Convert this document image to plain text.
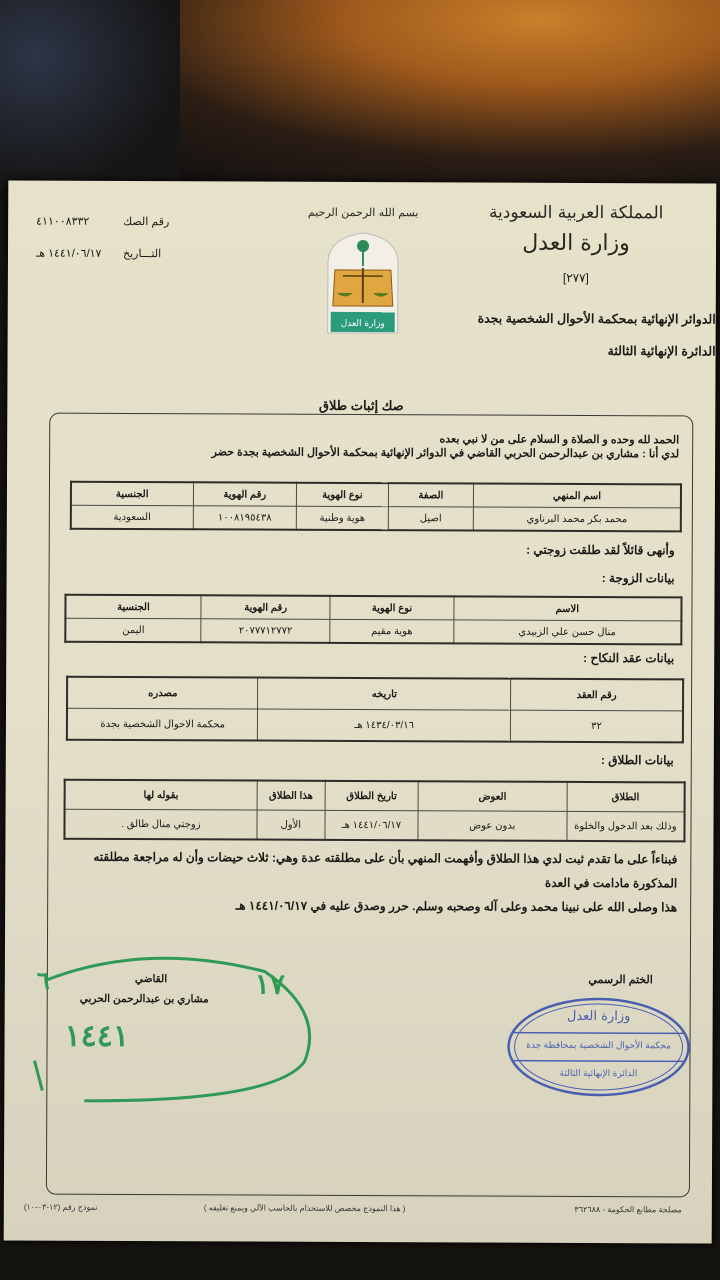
المملكة العربية السعودية
وزارة العدل
[٢٧٧]
الدوائر الإنهائية بمحكمة الأحوال الشخصية بجدة
الدائرة الإنهائية الثالثة
بسم الله الرحمن الرحيم
وزارة العدل
رقم الصك
٤١١٠٠٨٣٣٢
التـــاريخ
١٤٤١/٠٦/١٧ هـ
صك إثبات طلاق
الحمد لله وحده و الصلاة و السلام على من لا نبي بعده
لدي أنا : مشاري بن عبدالرحمن الحربي القاضي في الدوائر الإنهائية بمحكمة الأحوال الشخصية بجدة حضر
اسم المنهي	الصفة	نوع الهوية	رقم الهوية	الجنسية
محمد بكر محمد البرناوي	اصيل	هوية وطنية	١٠٠٨١٩٥٤٣٨	السعودية
وأنهى قائلاً لقد طلقت زوجتي :
بيانات الزوجة :
الاسم	نوع الهوية	رقم الهوية	الجنسية
منال حسن علي الزبيدي	هوية مقيم	٢٠٧٧٧١٢٧٧٢	اليمن
بيانات عقد النكاح :
رقم العقد	تاريخه	مصدره
٣٢	١٤٣٤/٠٣/١٦ هـ	محكمة الاحوال الشخصية بجدة
بيانات الطلاق :
الطلاق	العوض	تاريخ الطلاق	هذا الطلاق	بقوله لها
وذلك بعد الدخول والخلوة	بدون عوض	١٤٤١/٠٦/١٧ هـ	الأول	زوجتي منال طالق .
فبناءاً على ما تقدم ثبت لدي هذا الطلاق وأفهمت المنهي بأن على مطلقته عدة وهي: ثلاث حيضات وأن له مراجعة مطلقته
المذكورة مادامت في العدة
هذا وصلى الله على نبينا محمد وعلى آله وصحبه وسلم. حرر وصدق عليه في ١٤٤١/٠٦/١٧ هـ
القاضي
مشاري بن عبدالرحمن الحربي ١٧
٦
١٤٤١
الختم الرسمي
وزارة العدل
محكمة الأحوال الشخصية بمحافظة جدة
الدائرة الإنهائية الثالثة
مصلحة مطابع الحكومة - ٣٦٢٦٨٨
( هذا النموذج مخصص للاستخدام بالحاسب الآلي ويمنع تغليفه )
نموذج رقم (١٢-٠٣-١٠)
